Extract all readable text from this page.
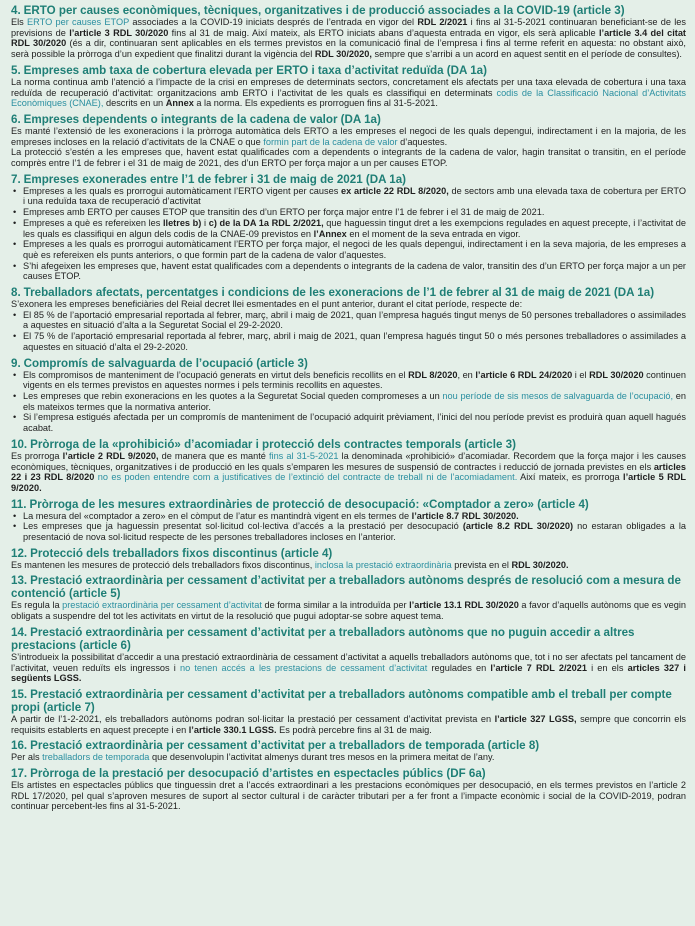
4. ERTO per causes econòmiques, tècniques, organitzatives i de producció associades a la COVID-19 (article 3)

Els ERTO per causes ETOP associades a la COVID-19 iniciats després de l’entrada en vigor del RDL 2/2021 i fins al 31-5-2021 continuaran beneficiant-se de les previsions de l’article 3 RDL 30/2020 fins al 31 de maig. Així mateix, als ERTO iniciats abans d’aquesta entrada en vigor, els serà aplicable l’article 3.4 del citat RDL 30/2020 (és a dir, continuaran sent aplicables en els termes previstos en la comunicació final de l’empresa i fins al terme referit en aquesta: no obstant això, serà possible la pròrroga d’un expedient que finalitzi durant la vigència del RDL 30/2020, sempre que s’arribi a un acord en aquest sentit en el període de consultes).

5. Empreses amb taxa de cobertura elevada per ERTO i taxa d’activitat reduïda (DA 1a)

La norma continua amb l’atenció a l’impacte de la crisi en empreses de determinats sectors, concretament els afectats per una taxa elevada de cobertura i una taxa reduïda de recuperació d’activitat: organitzacions amb ERTO i l’activitat de les quals es classifiqui en determinats codis de la Classificació Nacional d’Activitats Econòmiques (CNAE), descrits en un Annex a la norma. Els expedients es prorroguen fins al 31-5-2021.

6. Empreses dependents o integrants de la cadena de valor (DA 1a)

Es manté l’extensió de les exoneracions i la pròrroga automàtica dels ERTO a les empreses el negoci de les quals depengui, indirectament i en la majoria, de les empreses incloses en la relació d’activitats de la CNAE o que formin part de la cadena de valor d’aquestes.

La protecció s’estén a les empreses que, havent estat qualificades com a dependents o integrants de la cadena de valor, hagin transitat o transitin, en el període comprès entre l’1 de febrer i el 31 de maig de 2021, des d’un ERTO per força major a un per causes ETOP.

7. Empreses exonerades entre l’1 de febrer i 31 de maig de 2021 (DA 1a)
• Empreses a les quals es prorrogui automàticament l’ERTO vigent per causes ex article 22 RDL 8/2020, de sectors amb una elevada taxa de cobertura per ERTO i una reduïda taxa de recuperació d’activitat
• Empreses amb ERTO per causes ETOP que transitin des d’un ERTO per força major entre l’1 de febrer i el 31 de maig de 2021.
• Empreses a què es refereixen les lletres b) i c) de la DA 1a RDL 2/2021, que haguessin tingut dret a les exempcions regulades en aquest precepte, i l’activitat de les quals es classifiqui en algun dels codis de la CNAE-09 previstos en l’Annex en el moment de la seva entrada en vigor.
• Empreses a les quals es prorrogui automàticament l’ERTO per força major, el negoci de les quals depengui, indirectament i en la seva majoria, de les empreses a què es refereixen els punts anteriors, o que formin part de la cadena de valor d’aquestes.
• S’hi afegeixen les empreses que, havent estat qualificades com a dependents o integrants de la cadena de valor, transitin des d’un ERTO per força major a un per causes ETOP.
8. Treballadors afectats, percentatges i condicions de les exoneracions de l’1 de febrer al 31 de maig de 2021 (DA 1a)

S’exonera les empreses beneficiàries del Reial decret llei esmentades en el punt anterior, durant el citat període, respecte de:

• El 85 % de l’aportació empresarial reportada al febrer, març, abril i maig de 2021, quan l’empresa hagués tingut menys de 50 persones treballadores o assimilades a aquestes en situació d’alta a la Seguretat Social el 29-2-2020.
• El 75 % de l’aportació empresarial reportada al febrer, març, abril i maig de 2021, quan l’empresa hagués tingut 50 o més persones treballadores o assimilades a aquestes en situació d’alta el 29-2-2020.
9. Compromís de salvaguarda de l’ocupació (article 3)
• Els compromisos de manteniment de l’ocupació generats en virtut dels beneficis recollits en el RDL 8/2020, en l’article 6 RDL 24/2020 i el RDL 30/2020 continuen vigents en els termes previstos en aquestes normes i pels terminis recollits en aquestes.
• Les empreses que rebin exoneracions en les quotes a la Seguretat Social queden compromeses a un nou període de sis mesos de salvaguarda de l’ocupació, en els mateixos termes que la normativa anterior.
• Si l’empresa estigués afectada per un compromís de manteniment de l’ocupació adquirit prèviament, l’inici del nou període previst es produirà quan aquell hagués acabat.
10. Pròrroga de la «prohibició» d’acomiadar i protecció dels contractes temporals (article 3)

Es prorroga l’article 2 RDL 9/2020, de manera que es manté fins al 31-5-2021 la denominada «prohibició» d’acomiadar. Recordem que la força major i les causes econòmiques, tècniques, organitzatives i de producció en les quals s’emparen les mesures de suspensió de contractes i reducció de jornada previstes en els articles 22 i 23 RDL 8/2020 no es poden entendre com a justificatives de l’extinció del contracte de treball ni de l’acomiadament. Així mateix, es prorroga l’article 5 RDL 9/2020.

11. Pròrroga de les mesures extraordinàries de protecció de desocupació: «Comptador a zero» (article 4)
• La mesura del «comptador a zero» en el còmput de l’atur es mantindrà vigent en els termes de l’article 8.7 RDL 30/2020.
• Les empreses que ja haguessin presentat sol·licitud col·lectiva d’accés a la prestació per desocupació (article 8.2 RDL 30/2020) no estaran obligades a la presentació de nova sol·licitud respecte de les persones treballadores incloses en l’anterior.
12. Protecció dels treballadors fixos discontinus (article 4)

Es mantenen les mesures de protecció dels treballadors fixos discontinus, inclosa la prestació extraordinària prevista en el RDL 30/2020.

13. Prestació extraordinària per cessament d’activitat per a treballadors autònoms després de resolució com a mesura de contenció (article 5)

Es regula la prestació extraordinària per cessament d’activitat de forma similar a la introduïda per l’article 13.1 RDL 30/2020 a favor d’aquells autònoms que es vegin obligats a suspendre del tot les activitats en virtut de la resolució que pugui adoptar-se sobre aquest tema.

14. Prestació extraordinària per cessament d’activitat per a treballadors autònoms que no puguin accedir a altres prestacions (article 6)

S’introdueix la possibilitat d’accedir a una prestació extraordinària de cessament d’activitat a aquells treballadors autònoms que, tot i no ser afectats pel tancament de l’activitat, veuen reduïts els ingressos i no tenen accés a les prestacions de cessament d’activitat regulades en l’article 7 RDL 2/2021 i en els articles 327 i següents LGSS.

15. Prestació extraordinària per cessament d’activitat per a treballadors autònoms compatible amb el treball per compte propi (article 7)

A partir de l’1-2-2021, els treballadors autònoms podran sol·licitar la prestació per cessament d’activitat prevista en l’article 327 LGSS, sempre que concorrin els requisits establerts en aquest precepte i en l’article 330.1 LGSS. Es podrà percebre fins al 31 de maig.

16. Prestació extraordinària per cessament d’activitat per a treballadors de temporada (article 8)

Per als treballadors de temporada que desenvolupin l’activitat almenys durant tres mesos en la primera meitat de l’any.

17. Pròrroga de la prestació per desocupació d’artistes en espectacles públics (DF 6a)

Els artistes en espectacles públics que tinguessin dret a l’accés extraordinari a les prestacions econòmiques per desocupació, en els termes previstos en l’article 2 RDL 17/2020, pel qual s’aproven mesures de suport al sector cultural i de caràcter tributari per a fer front a l’impacte econòmic i social de la COVID-2019, podran continuar percebent-les fins al 31-5-2021.
